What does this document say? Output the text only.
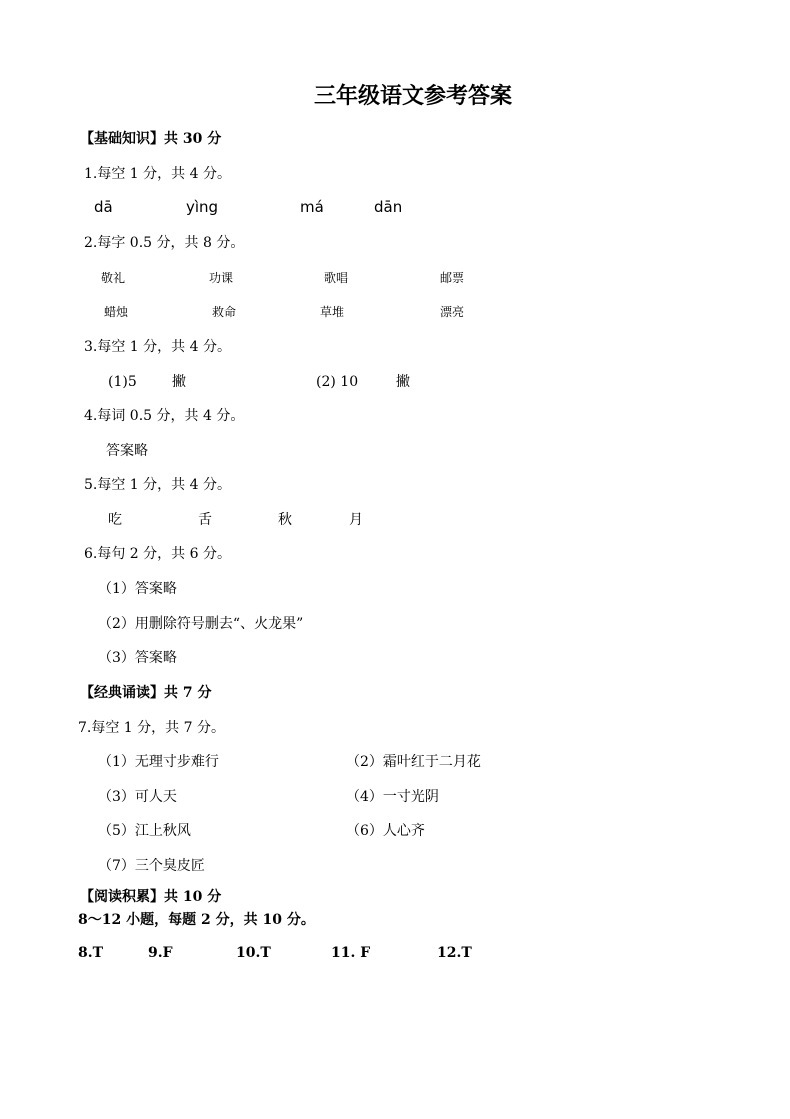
三年级语文参考答案
【基础知识】共 30 分
1.每空 1 分，共 4 分。
dā	yìng	má	dān
2.每字 0.5 分，共 8 分。
敬礼	功课	歌唱	邮票
蜡烛	救命	草堆	漂亮
3.每空 1 分，共 4 分。
(1)5	撇	(2) 10	撇
4.每词 0.5 分，共 4 分。
答案略
5.每空 1 分，共 4 分。
吃	舌	秋	月
6.每句 2 分，共 6 分。
（1）答案略
（2）用删除符号删去“、火龙果”
（3）答案略
【经典诵读】共 7 分
7.每空 1 分，共 7 分。
（1）无理寸步难行	（2）霜叶红于二月花
（3）可人天	（4）一寸光阴
（5）江上秋风	（6）人心齐
（7）三个臭皮匠
【阅读积累】共 10 分
8～12 小题，每题 2 分，共 10 分。
8.T	9.F	10.T	11. F	12.T
